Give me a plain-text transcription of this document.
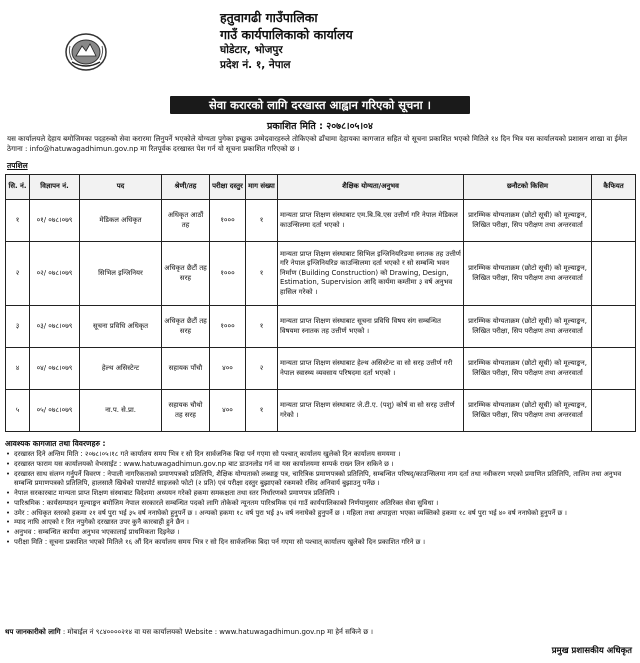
हतुवागढी गाउँपालिका
गाउँ कार्यपालिकाको कार्यालय
घोडेटार, भोजपुर
प्रदेश नं. १, नेपाल
सेवा करारको लागि दरखास्त आह्वान गरिएको सूचना ।
प्रकाशित मिति : २०७८।०५।०४
यस कार्यालयले देहाय बमोजिमका पदहरुको सेवा करारमा लिनुपर्ने भएकोले योग्यता पुगेका इच्छुक उम्मेदवारहरुले तोकिएको ढाँचामा देहायका कागजात सहित यो सूचना प्रकाशित भएको मितिले १४ दिन भित्र यस कार्यालयको प्रशासन शाखा वा ईमेल ठेगाना : info@hatuwagadhimun.gov.np मा रितपूर्वक दरखास्त पेश गर्न यो सूचना प्रकाशित गरिएको छ ।
तपशिल
सि. नं.	विज्ञापन नं.	पद	श्रेणी/तह	परीक्षा दस्तुर	माग संख्या	शैक्षिक योग्यता/अनुभव	छनौटको किसिम	कैफियत
१	०१/ ०७८।०७९	मेडिकल अधिकृत	अधिकृत आठौं तह	१०००	१	मान्यता प्राप्त शिक्षण संस्थाबाट एम.बि.बि.एस उत्तीर्ण गरि नेपाल मेडिकल काउन्सिलमा दर्ता भएको ।	प्रारम्भिक योग्यताक्रम (छोटो सूची) को मूल्याङ्कन, लिखित परीक्षा, सिप परीक्षण तथा अन्तरवार्ता	
२	०२/ ०७८।०७९	सिभिल इन्जिनियर	अधिकृत छैटौं तह सरह	१०००	१	मान्यता प्राप्त शिक्षण संस्थाबाट सिभिल इन्जिनियरिङमा स्नातक तह उत्तीर्ण गरि नेपाल इन्जिनियरिङ काउन्सिलमा दर्ता भएको र सो सम्बन्धि भवन निर्माण (Building Construction) को Drawing, Design, Estimation, Supervision आदि कार्यमा कम्तीमा ३ वर्ष अनुभव हासिल गरेको ।	प्रारम्भिक योग्यताक्रम (छोटो सूची) को मूल्याङ्कन, लिखित परीक्षा, सिप परीक्षण तथा अन्तरवार्ता	
३	०३/ ०७८।०७९	सूचना प्रविधि अधिकृत	अधिकृत छैटौं तह सरह	१०००	१	मान्यता प्राप्त शिक्षण संस्थाबाट सूचना प्रविधि विषय संग सम्बन्धित विषयमा स्नातक तह उत्तीर्ण भएको ।	प्रारम्भिक योग्यताक्रम (छोटो सूची) को मूल्याङ्कन, लिखित परीक्षा, सिप परीक्षण तथा अन्तरवार्ता	
४	०४/ ०७८।०७९	हेल्थ असिस्टेन्ट	सहायक पाँचौ	४००	२	मान्यता प्राप्त शिक्षण संस्थाबाट हेल्थ असिस्टेन्ट वा सो सरह उत्तीर्ण गरी नेपाल स्वास्थ्य व्यवसाय परिषदमा दर्ता भएको ।	प्रारम्भिक योग्यताक्रम (छोटो सूची) को मूल्याङ्कन, लिखित परीक्षा, सिप परीक्षण तथा अन्तरवार्ता	
५	०५/ ०७८।०७९	ना.प. से.प्रा.	सहायक चौथो तह सरह	४००	१	मान्यता प्राप्त शिक्षण संस्थाबाट जे.टी.ए. (पशु) कोर्ष वा सो सरह उत्तीर्ण गरेको ।	प्रारम्भिक योग्यताक्रम (छोटो सूची) को मूल्याङ्कन, लिखित परीक्षा, सिप परीक्षण तथा अन्तरवार्ता	
आवश्यक कागजात तथा विवरणहरु :
• दरखास्त दिने अन्तिम मिति : २०७८।०५।१८ गते कार्यालय समय भित्र र सो दिन सार्वजनिक बिदा पर्न गएमा सो पश्चात् कार्यालय खुलेको दिन कार्यालय समयमा ।
• दरखास्त फाराम यस कार्यालयको वेभसाईट : www.hatuwagadhimun.gov.np बाट डाउनलोड गर्न वा यस कार्यालयमा सम्पर्क राख्न लिन सकिने छ ।
• दरखास्त साथ संलग्न गर्नुपर्ने विवरण : नेपाली नागरिकताको प्रमाणपत्रको प्रतिलिपि, शैक्षिक योग्यताको लब्धाङ्क पत्र, चारित्रिक प्रमाणपत्रको प्रतिलिपि, सम्बन्धित परिषद्/काउन्सिलमा नाम दर्ता तथा नवीकरण भएको प्रमाणित प्रतिलिपि, तालिम तथा अनुभव सम्बन्धि प्रमाणपत्रको प्रतिलिपि, हालसालै खिचेको पासपोर्ट साइजको फोटो (२ प्रति) एवं परीक्षा दस्तुर बुझाएको रकमको रसिद अनिवार्य बुझाउनु पर्नेछ ।
• नेपाल सरकारबाट मान्यता प्राप्त शिक्षण संस्थाबाट विदेशमा अध्ययन गरेको हकमा समकक्षता तथा स्तर निर्धारणको प्रमाणपत्र प्रतिलिपि ।
• पारिश्रमिक : कार्यसम्पादन मूल्याङ्कन बमोजिम नेपाल सरकारले सम्बन्धित पदको लागि तोकेको न्यूनतम पारिश्रमिक एवं गाउँ कार्यपालिकाको निर्णयानुसार अतिरिक्त सेवा सुविधा ।
• उमेर : अधिकृत स्तरको हकमा २१ वर्ष पुरा भई ३५ वर्ष ननाघेको हुनुपर्ने छ । अन्यको हकमा १८ वर्ष पुरा भई ३५ वर्ष ननाघेको हुनुपर्ने छ । महिला तथा अपाङ्गता भएका व्यक्तिको हकमा १८ वर्ष पुरा भई ४० वर्ष ननाघेको हुनुपर्ने छ ।
• म्याद नाघि आएको र रित नपुगेको दरखास्त उपर कुनै कारबाही हुने छैन ।
• अनुभव : सम्बन्धित कार्यमा अनुभव भएकालाई प्राथमिकता दिइनेछ ।
• परीक्षा मिति : सूचना प्रकाशित भएको मितिले १६ औं दिन कार्यालय समय भित्र र सो दिन सार्वजनिक बिदा पर्न गएमा सो पश्चात् कार्यालय खुलेको दिन प्रकाशित गरिने छ ।
थप जानकारीको लागि : मोबाईल नं ९८४००००२१४ वा यस कार्यालयको Website : www.hatuwagadhimun.gov.np मा हेर्न सकिने छ ।
प्रमुख प्रशासकीय अधिकृत
